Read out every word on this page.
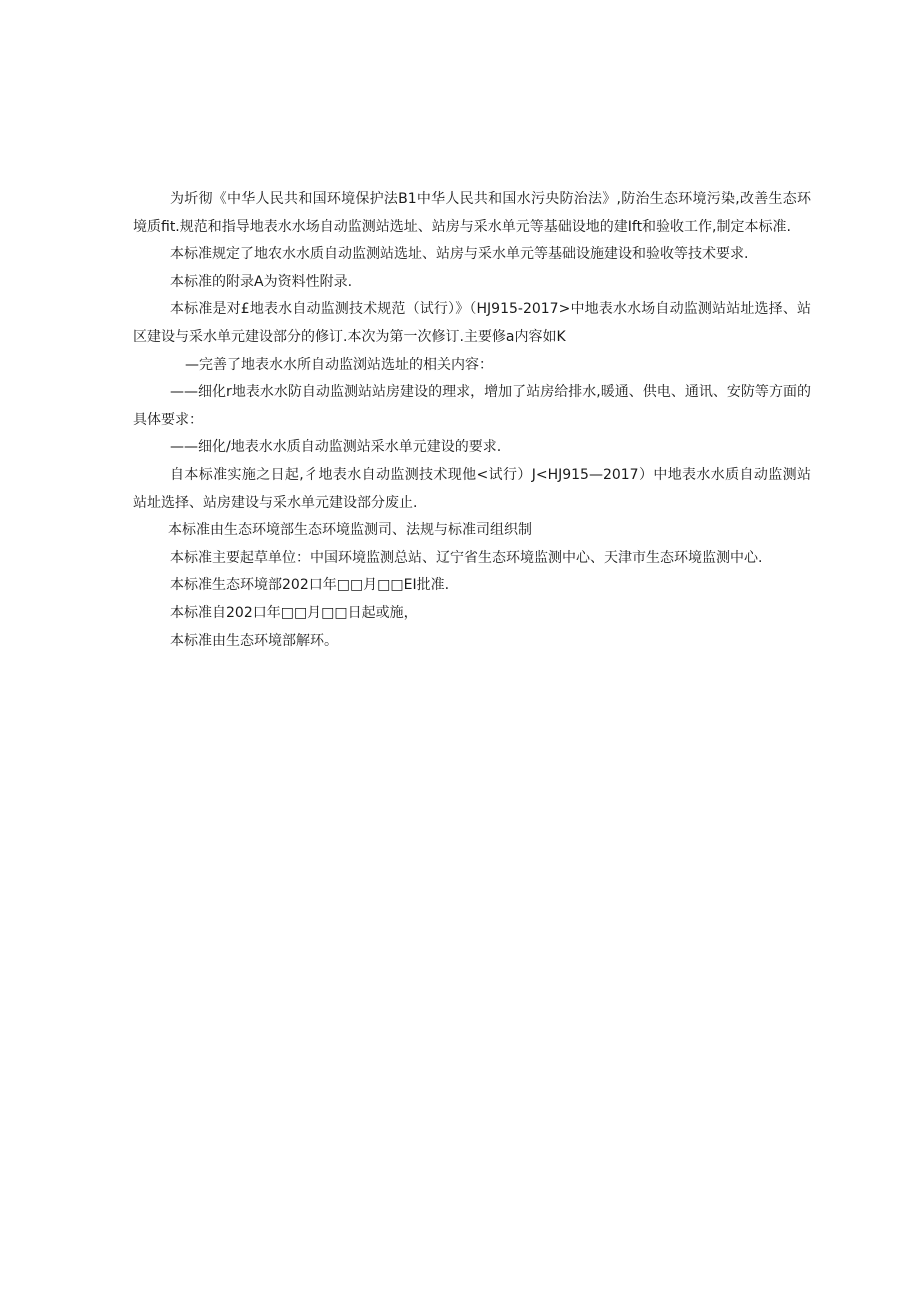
为圻彻《中华人民共和国环境保护法B1中华人民共和国水污央防治法》,防治生态环境污染,改善生态环境质fit.规范和指导地表水水场自动监测站选址、站房与采水单元等基础设地的建Ift和验收工作,制定本标准.

本标准规定了地农水水质自动监测站选址、站房与采水单元等基础设施建设和验收等技术要求.

本标准的附录A为资料性附录.

本标准是对£地表水自动监测技术规范（试行）》（HJ915-2017>中地表水水场自动监测站站址选择、站区建设与采水单元建设部分的修订.本次为第一次修订.主要修a内容如K

—完善了地表水水所自动监浏站选址的相关内容：

——细化r地表水水防自动监测站站房建设的理求，增加了站房给排水,暖通、供电、通讯、安防等方面的具体要求：

——细化/地表水水质自动监测站采水单元建设的要求.

自本标准实施之日起,彳地表水自动监测技术现他<试行）J<HJ915—2017）中地表水水质自动监测站站址选择、站房建设与采水单元建设部分废止.

本标准由生态环境部生态环境监测司、法规与标准司组织制

本标准主要起草单位：中国环境监测总站、辽宁省生态环境监测中心、天津市生态环境监测中心.

本标准生态环境部202口年□□月□□EI批准.

本标准自202口年□□月□□日起或施，

本标准由生态环境部解环。
